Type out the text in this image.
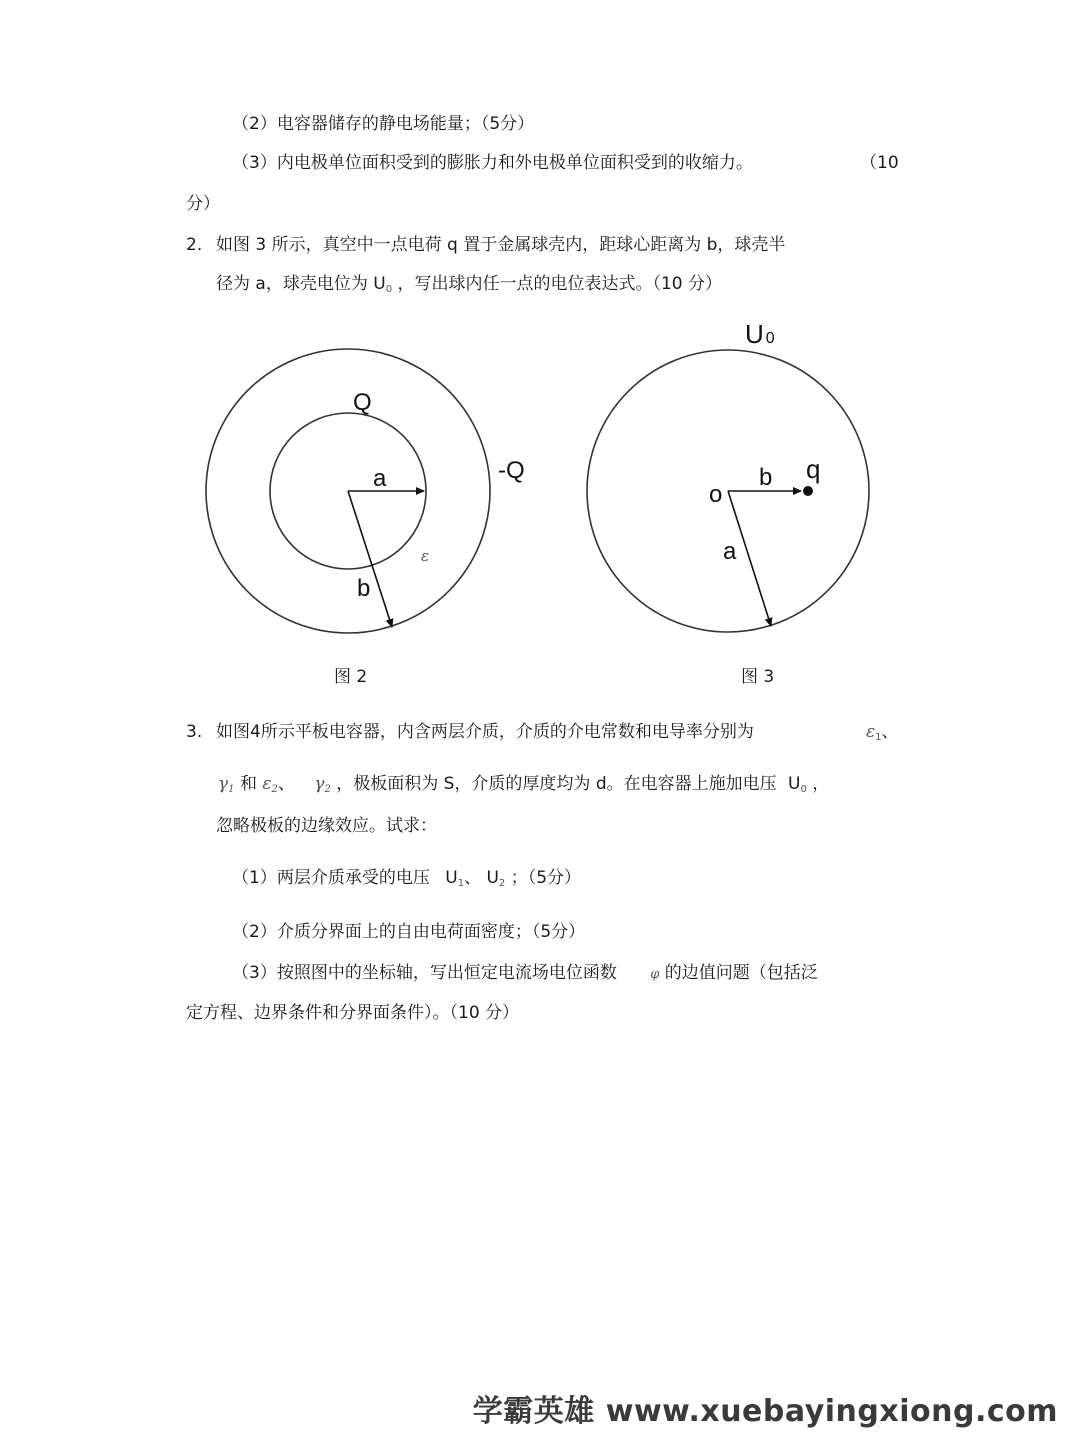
（2）电容器储存的静电场能量；（5分）
（3）内电极单位面积受到的膨胀力和外电极单位面积受到的收缩力。	（10
分）
2. 如图 3 所示，真空中一点电荷 q 置于金属球壳内，距球心距离为 b，球壳半
径为 a，球壳电位为 $U_0$ ，写出球内任一点的电位表达式。（10 分）
Q
-Q
a
b
ε
图 2
U 0
o
b q
a
图 3
3. 如图4所示平板电容器，内含两层介质，介质的介电常数和电导率分别为	$\varepsilon_1$、
$\gamma_1$ 和 $\varepsilon_2$、 $\gamma_2$ ，极板面积为 S，介质的厚度均为 d。在电容器上施加电压 $U_0$ ，
忽略极板的边缘效应。试求：
（1）两层介质承受的电压 $U_1$、 $U_2$ ；（5分）
（2）介质分界面上的自由电荷面密度；（5分）
（3）按照图中的坐标轴，写出恒定电流场电位函数	φ 的边值问题（包括泛
定方程、边界条件和分界面条件）。（10 分）
学霸英雄 www.xuebayingxiong.com
